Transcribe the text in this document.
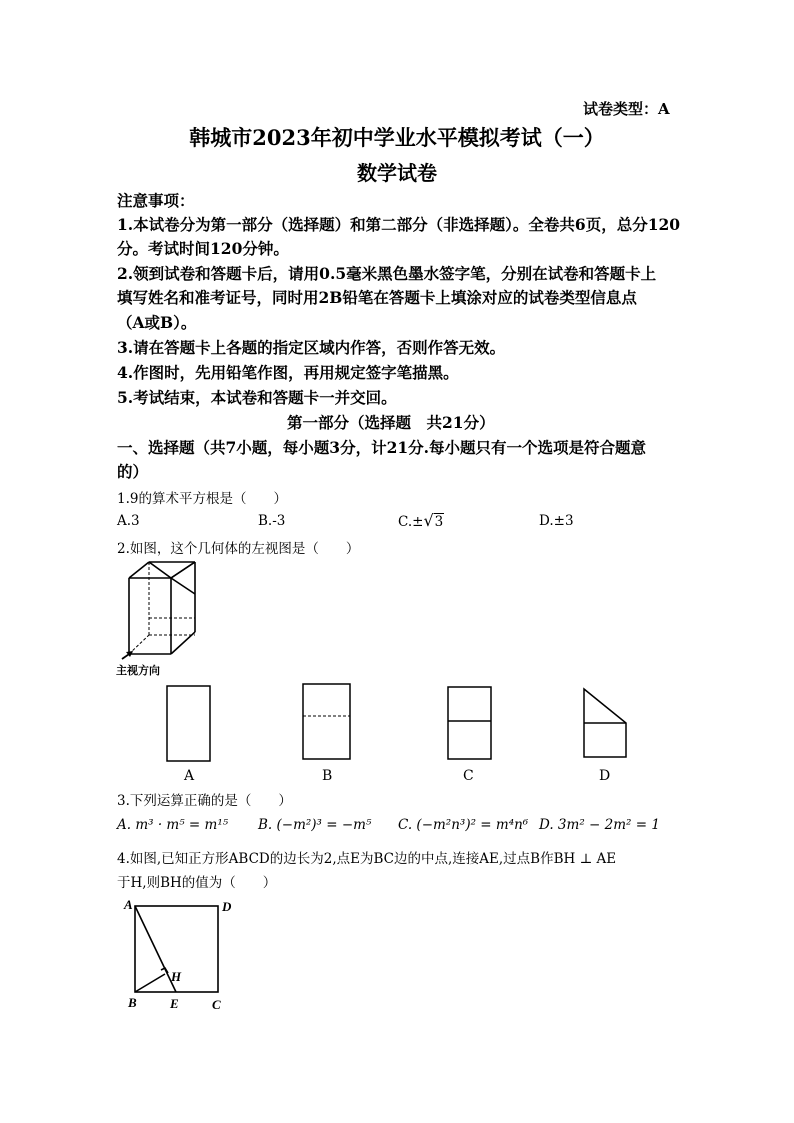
试卷类型：A
韩城市2023年初中学业水平模拟考试（一）
数学试卷
注意事项：
1.本试卷分为第一部分（选择题）和第二部分（非选择题）。全卷共6页，总分120
分。考试时间120分钟。
2.领到试卷和答题卡后，请用0.5毫米黑色墨水签字笔，分别在试卷和答题卡上
填写姓名和准考证号，同时用2B铅笔在答题卡上填涂对应的试卷类型信息点
（A或B）。
3.请在答题卡上各题的指定区域内作答，否则作答无效。
4.作图时，先用铅笔作图，再用规定签字笔描黑。
5.考试结束，本试卷和答题卡一并交回。
第一部分（选择题　共21分）
一、选择题（共7小题，每小题3分，计21分.每小题只有一个选项是符合题意
的）
1.9的算术平方根是（　　）
A.3	B.-3	C.±√3	D.±3
2.如图，这个几何体的左视图是（　　）
主视方向
A	B	C	D
3.下列运算正确的是（　　）
A. m³ · m⁵ = m¹⁵ B. (−m²)³ = −m⁵ C. (−m²n³)² = m⁴n⁶ D. 3m² − 2m² = 1
4.如图,已知正方形ABCD的边长为2,点E为BC边的中点,连接AE,过点B作BH ⊥ AE
于H,则BH的值为（　　）
A	D
B	E	C
H
